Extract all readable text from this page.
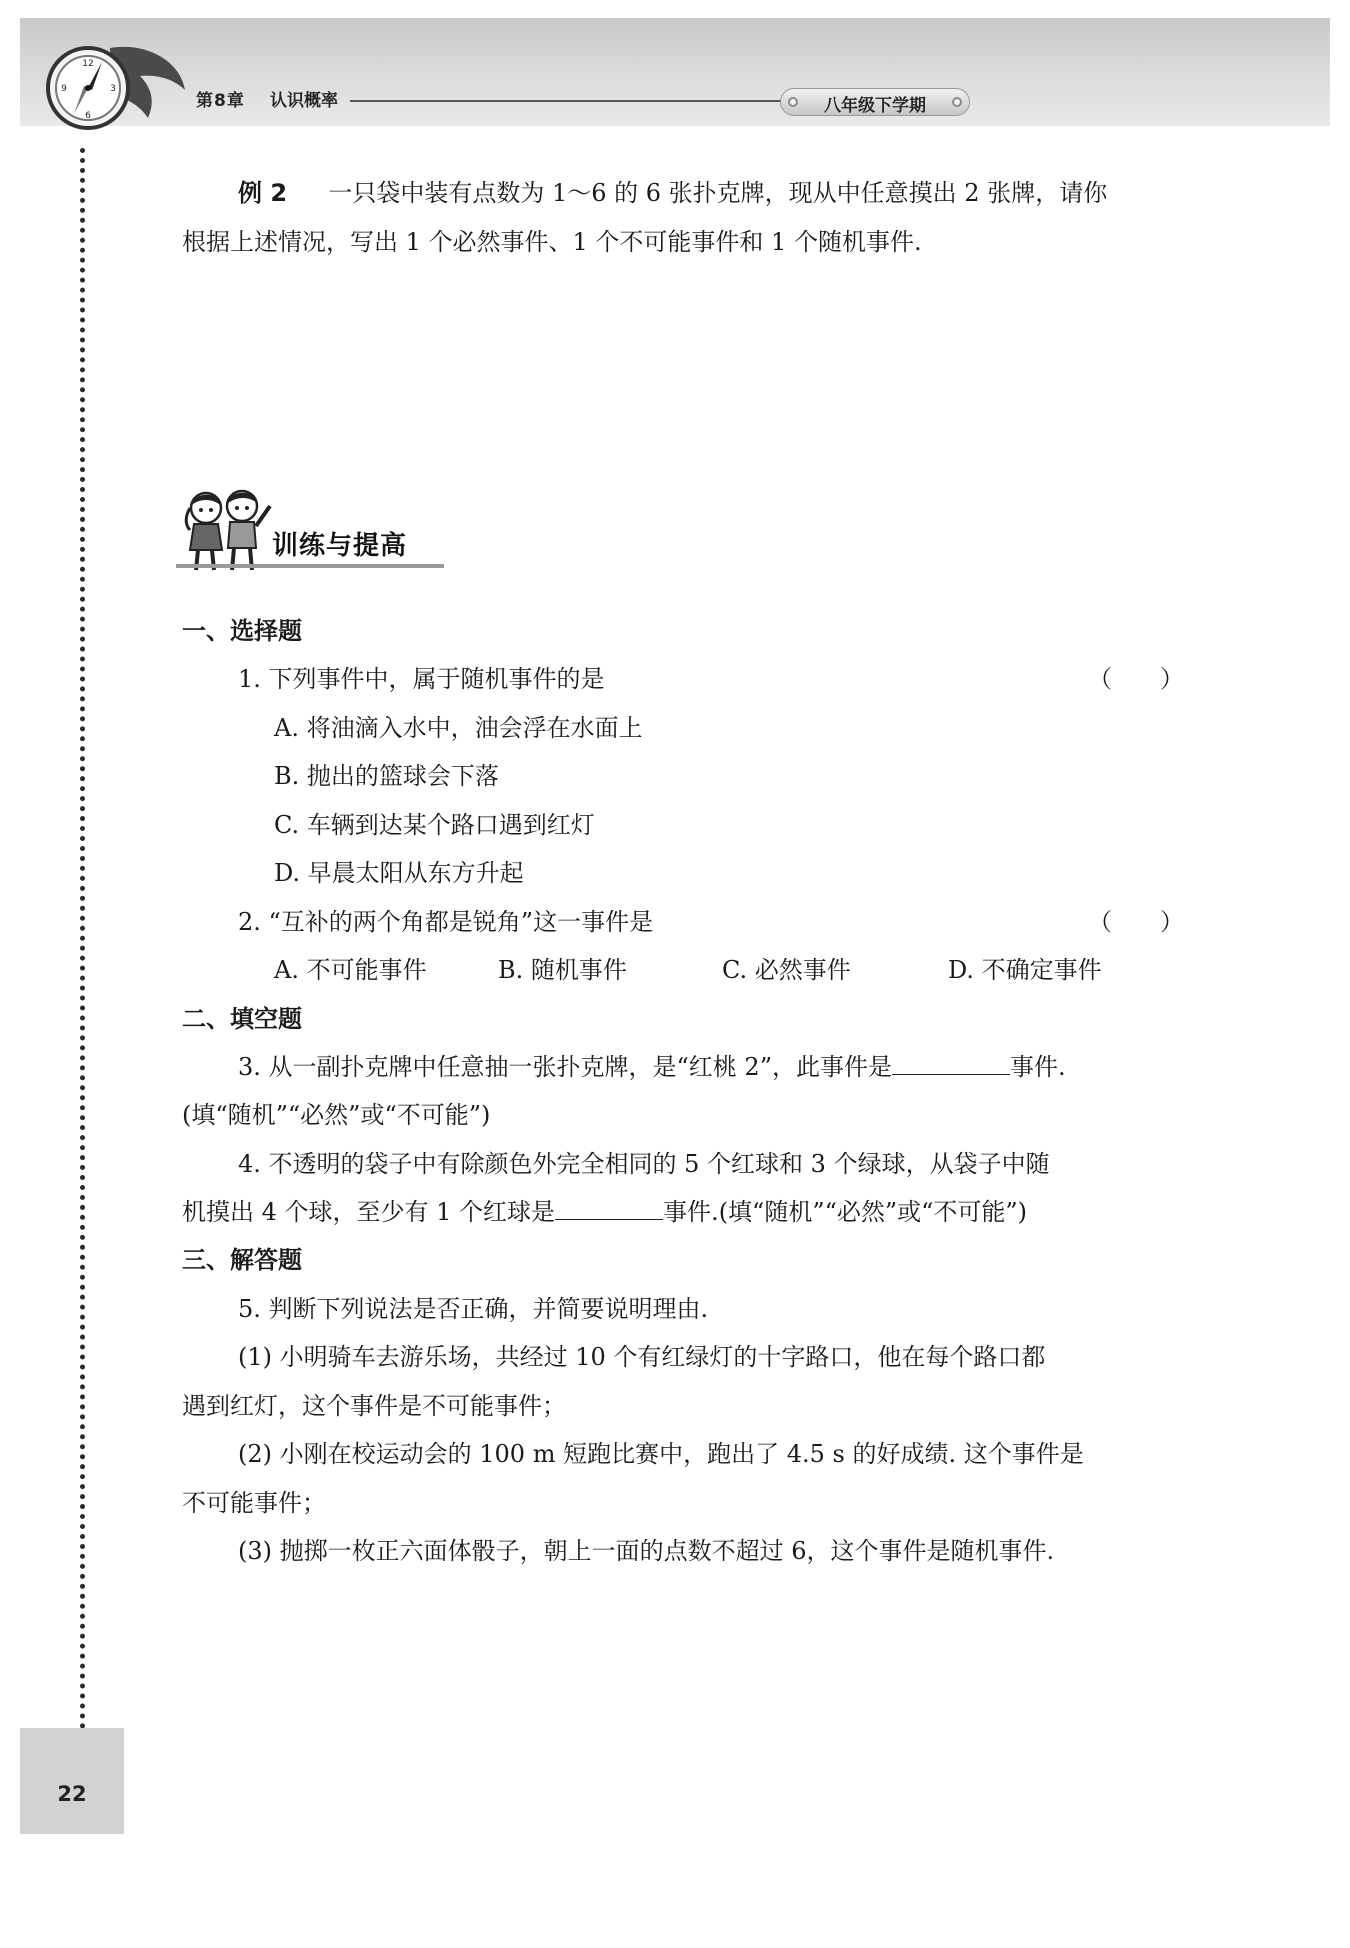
12
3
6
9
第8章 认识概率	八年级下学期
例 2 一只袋中装有点数为 1～6 的 6 张扑克牌，现从中任意摸出 2 张牌，请你
根据上述情况，写出 1 个必然事件、1 个不可能事件和 1 个随机事件.
训练与提高
一、选择题
1. 下列事件中，属于随机事件的是	（　　）
A. 将油滴入水中，油会浮在水面上
B. 抛出的篮球会下落
C. 车辆到达某个路口遇到红灯
D. 早晨太阳从东方升起
2. “互补的两个角都是锐角”这一事件是	（　　）
A. 不可能事件	B. 随机事件	C. 必然事件	D. 不确定事件
二、填空题
3. 从一副扑克牌中任意抽一张扑克牌，是“红桃 2”，此事件是	事件.
(填“随机”“必然”或“不可能”)
4. 不透明的袋子中有除颜色外完全相同的 5 个红球和 3 个绿球，从袋子中随
机摸出 4 个球，至少有 1 个红球是	事件.(填“随机”“必然”或“不可能”)
三、解答题
5. 判断下列说法是否正确，并简要说明理由.
(1) 小明骑车去游乐场，共经过 10 个有红绿灯的十字路口，他在每个路口都
遇到红灯，这个事件是不可能事件；
(2) 小刚在校运动会的 100 m 短跑比赛中，跑出了 4.5 s 的好成绩. 这个事件是
不可能事件；
(3) 抛掷一枚正六面体骰子，朝上一面的点数不超过 6，这个事件是随机事件.
22
